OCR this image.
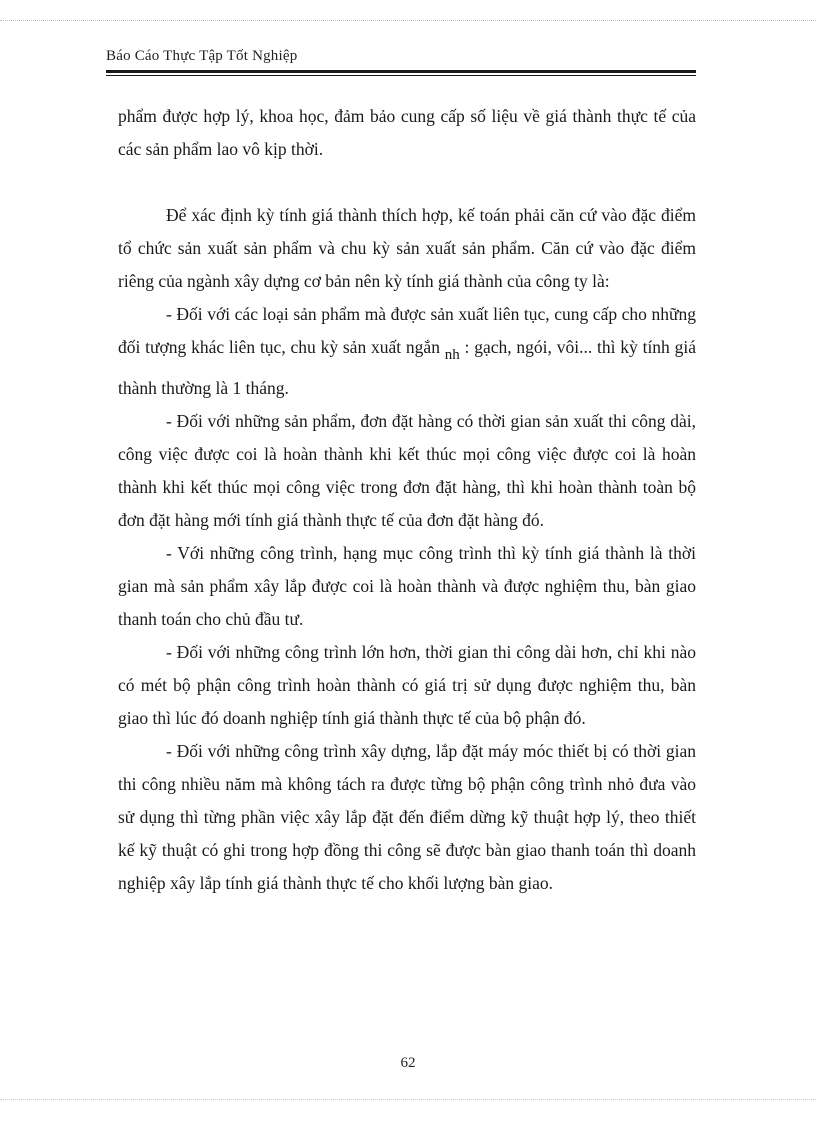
Báo Cáo Thực Tập Tốt Nghiệp

phẩm được hợp lý, khoa học, đảm bảo cung cấp số liệu về giá thành thực tế của các sản phẩm lao vô kịp thời.

Để xác định kỳ tính giá thành thích hợp, kế toán phải căn cứ vào đặc điểm tổ chức sản xuất sản phẩm và chu kỳ sản xuất sản phẩm. Căn cứ vào đặc điểm riêng của ngành xây dựng cơ bản nên kỳ tính giá thành của công ty là:

- Đối với các loại sản phẩm mà được sản xuất liên tục, cung cấp cho những đối tượng khác liên tục, chu kỳ sản xuất ngắn nh : gạch, ngói, vôi... thì kỳ tính giá thành thường là 1 tháng.

- Đối với những sản phẩm, đơn đặt hàng có thời gian sản xuất thi công dài, công việc được coi là hoàn thành khi kết thúc mọi công việc được coi là hoàn thành khi kết thúc mọi công việc trong đơn đặt hàng, thì khi hoàn thành toàn bộ đơn đặt hàng mới tính giá thành thực tế của đơn đặt hàng đó.

- Với những công trình, hạng mục công trình thì kỳ tính giá thành là thời gian mà sản phẩm xây lắp được coi là hoàn thành và được nghiệm thu, bàn giao thanh toán cho chủ đầu tư.

- Đối với những công trình lớn hơn, thời gian thi công dài hơn, chỉ khi nào có mét bộ phận công trình hoàn thành có giá trị sử dụng được nghiệm thu, bàn giao thì lúc đó doanh nghiệp tính giá thành thực tế của bộ phận đó.

- Đối với những công trình xây dựng, lắp đặt máy móc thiết bị có thời gian thi công nhiều năm mà không tách ra được từng bộ phận công trình nhỏ đưa vào sử dụng thì từng phần việc xây lắp đặt đến điểm dừng kỹ thuật hợp lý, theo thiết kế kỹ thuật có ghi trong hợp đồng thi công sẽ được bàn giao thanh toán thì doanh nghiệp xây lắp tính giá thành thực tế cho khối lượng bàn giao.

62
